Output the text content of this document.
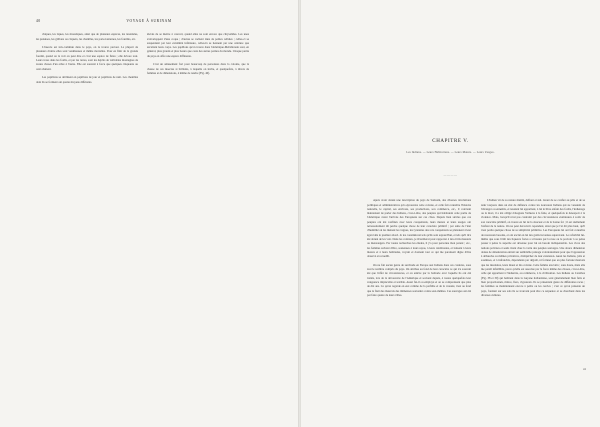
40	VOYAGE À SURINAM

chiques, les tiques, les moustiques, ainsi que de plusieurs espèces, les tarentules, les punaises, les grillons ou criquets, les chenilles, les porte-lanternes, les fourmis, etc.

L'insecte est très-commun dans le pays, on le trouve partout. La plupart de plusieurs d'entre elles sont venimeuses et même mortelles. Pour en finir de la grande fourmi, quand on la voit on peut dire et c'est une espèce de fléau ; elle dévore tout. Leurs trous dans les forêts, et par les terres, sont les dépôts de véritables montagnes de toutes choses d'un arbre à l'autre. Elle est souvent à force que quelques cinquante ou cent abattent.

Les papillons se déclinent en papillons de jour et papillons de nuit. Les chenilles dont ils se forment ont quatre moyens différents.

élevés de se mettre à couvert, quand elles ne sont encore que chrysalides. Les unes s'enveloppent d'une coque ; d'autres se cachent dans de petites cellules ; celles-ci se suspendent par leur extrémité inférieure, celles-là se tiennent par une ceinture que sécrètent leurs corps. Les papillons qu'on trouve dans l'Amérique-Méridionale sont, en général, plus grands et plus beaux que ceux des autres parties du monde. Chaque partie du pays en offre une espèce différente.

C'est un amusement fort pour beaucoup de personnes dans la colonie, que la chasse de ces insectes si brillants, à laquelle on invite, et quelquefois, à divers de femmes et de dimensions, à même de rendre (Fig. 40).

CHAPITRE V.
Les Indiens. — Leurs Habitations. — Leurs Mœurs. — Leurs Usages.
————

Après avoir donné une description du pays de Surinam, des diverses révolutions politiques et administratives qu'a éprouvées cette colonie, et celle fait connaître l'histoire naturelle, le capital, ses environs, ses productions, son commerce, etc., il convient maintenant de parler des Indiens, c'est-à-dire, des peuples qui habitaient cette partie de l'Amérique avant l'arrivée des Européens sur ces côtes. Depuis bien siècles que ces peuples ont été confinés avec leurs conquérants, leurs mœurs et leurs usages ont nécessairement dû perdre quelque chose de leur caractère primitif ; par suite de l'état d'humilité où les mènent les vagues, les tyrannies des rois conquérants se plaisaient à leur égard dès le premier abord. Je les considérerai tels qu'ils sont aujourd'hui, et tels qu'il m'a été donné de les voir. Dans les contrées, je m'arrêterai pour rapporter à des écrits mesurés ou mensongers. Par toutes recherches les études, il y'a pour personne mon parent ; etc., les femmes suivant d'être, soutenues à leurs repas, à leurs cérémonies, et laissant à leurs mœurs et à leurs habitudes, voyant et donnant tout ce qui me paraissait digne d'être observé et recueilli.

On ne fait aucun genre de servitude en Europe aux Indiens dans ces contrées, sous tout le nombre compris du pays. On attribue au fond de leur caractère ce qui n'a souvent été que l'effet de circonstances, et on enlève par la barbarie avec laquelle ils ont été traités, lors de la découverte de l'Amérique et souvent depuis, à toutes quelquefois leur vengeance implacable et terrible. Aussi fut-il ou employé et on se comprennent que plus de dix ans. Ce qu'on regarde en eux comme de la perfidie et de la cruauté, n'est au fond que le fruit des mauvais des immenses souvenirs contre eux-mêmes. Ces sauvages ont été par faire quatre de leurs villes.

L'Indien vit de sa nature mutilé, défiant et nul. Avant de se confier au pêle et de se tenir toujours dans un état de défiance contre les nouveaux Indiens qui ne venaient de l'étranger ou ennemis, et tenaient lui appartient, à lui le libre enfant des forêts, l'indienage ou la mort, il a été obligé d'Auguste Varluzas à la fuite, et quelquefois le désespoir à la violence. Mais, lorsqu'il n'est pas contraint par des circonstances extérieures à sortir de son caractère primitif, on trouve en lui de la douceur et de la bonne foi ; il est réellement l'enfant de la nature. On ne peut découvrir cependant, ainsi que je l'ai dit plus haut, qu'il n'est perdu quelque chose de sa simplicité primitive. Les Européens lui ont fait connaître de nouveaux besoins, et ont excité en lui des goûts inconnus auparavant. Le rafraîchit lui-même que sous l'édit des liqueurs fortes a si hautes par la ruse ou le pouvoir à sa peine passer à peine la superbe est devenue pour lui un besoin indispensable. Les vices des nations policées et seuls tirent chez la vertu des peuples sauvages. Une douce dimension donne de dénaturation entrait sur semblable présage volontairement pour que l'oppression à débauche ou mêmes privatives, d'empêcher de leur extension. Aussi les Indiens, jolis et soumises, et à infranchis, dépendants par dégoût, ni fortuné que en plus fortuné mauvais que les insulaires, leurs maux et ma colonie. Cette femme ans latin ; sans doute, mais elle me paraît infaillible, parce qu'elle est associée par la force même des choses, c'est-à-dire, celle qui appartient à l'industrie, au commerce, à la civilisation. Les Indiens ou Caraïbes (Fig. 38 et 39) qui habitent dans la Guyane hollandaise, sont généralement bien faits et bien proportionnés, mince, fiers, vigoureux. Ils se présentent guère de différentes races ; les femmes se maintiennent encore à petits ou les cercles ; c'est ce qu'on présente un pays, fondant sur ses sols ils se trouvent peut être ce séquence et se cherchent dans les diverses cultures.

41
